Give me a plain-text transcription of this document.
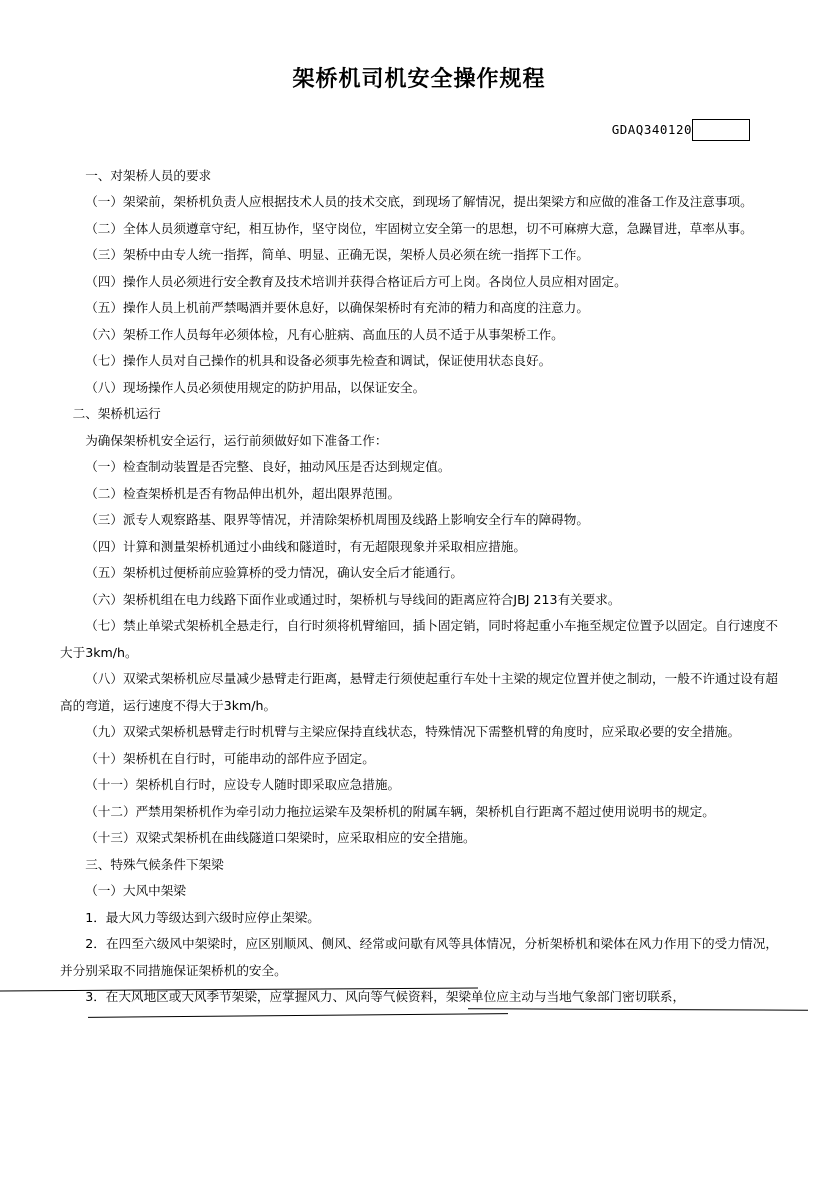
架桥机司机安全操作规程
GDAQ340120

一、对架桥人员的要求

（一）架梁前，架桥机负责人应根据技术人员的技术交底，到现场了解情况，提出架梁方和应做的准备工作及注意事项。

（二）全体人员须遵章守纪，相互协作，坚守岗位，牢固树立安全第一的思想，切不可麻痹大意，急躁冒进，草率从事。

（三）架桥中由专人统一指挥，简单、明显、正确无误，架桥人员必须在统一指挥下工作。

（四）操作人员必须进行安全教育及技术培训并获得合格证后方可上岗。各岗位人员应相对固定。

（五）操作人员上机前严禁喝酒并要休息好，以确保架桥时有充沛的精力和高度的注意力。

（六）架桥工作人员每年必须体检，凡有心脏病、高血压的人员不适于从事架桥工作。

（七）操作人员对自己操作的机具和设备必须事先检查和调试，保证使用状态良好。

（八）现场操作人员必须使用规定的防护用品，以保证安全。

二、架桥机运行

为确保架桥机安全运行，运行前须做好如下准备工作：

（一）检查制动装置是否完整、良好，抽动风压是否达到规定值。

（二）检查架桥机是否有物品伸出机外，超出限界范围。

（三）派专人观察路基、限界等情况，并清除架桥机周围及线路上影响安全行车的障碍物。

（四）计算和测量架桥机通过小曲线和隧道时，有无超限现象并采取相应措施。

（五）架桥机过便桥前应验算桥的受力情况，确认安全后才能通行。

（六）架桥机组在电力线路下面作业或通过时，架桥机与导线间的距离应符合JBJ 213有关要求。

（七）禁止单梁式架桥机全悬走行，自行时须将机臂缩回，插卜固定销，同时将起重小车拖至规定位置予以固定。自行速度不大于3km/h。

（八）双梁式架桥机应尽量减少悬臂走行距离，悬臂走行须使起重行车处十主梁的规定位置并使之制动，一般不许通过设有超高的弯道，运行速度不得大于3km/h。

（九）双梁式架桥机悬臂走行时机臂与主梁应保持直线状态，特殊情况下需整机臂的角度时，应采取必要的安全措施。

（十）架桥机在自行时，可能串动的部件应予固定。

（十一）架桥机自行时，应设专人随时即采取应急措施。

（十二）严禁用架桥机作为牵引动力拖拉运梁车及架桥机的附属车辆，架桥机自行距离不超过使用说明书的规定。

（十三）双梁式架桥机在曲线隧道口架梁时，应采取相应的安全措施。

三、特殊气候条件下架梁

（一）大风中架梁

1．最大风力等级达到六级时应停止架梁。

2．在四至六级风中架梁时，应区别顺风、侧风、经常或问歇有风等具体情况，分析架桥机和梁体在风力作用下的受力情况，并分别采取不同措施保证架桥机的安全。

3．在大风地区或大风季节架梁，应掌握风力、风向等气候资料，架梁单位应主动与当地气象部门密切联系，
